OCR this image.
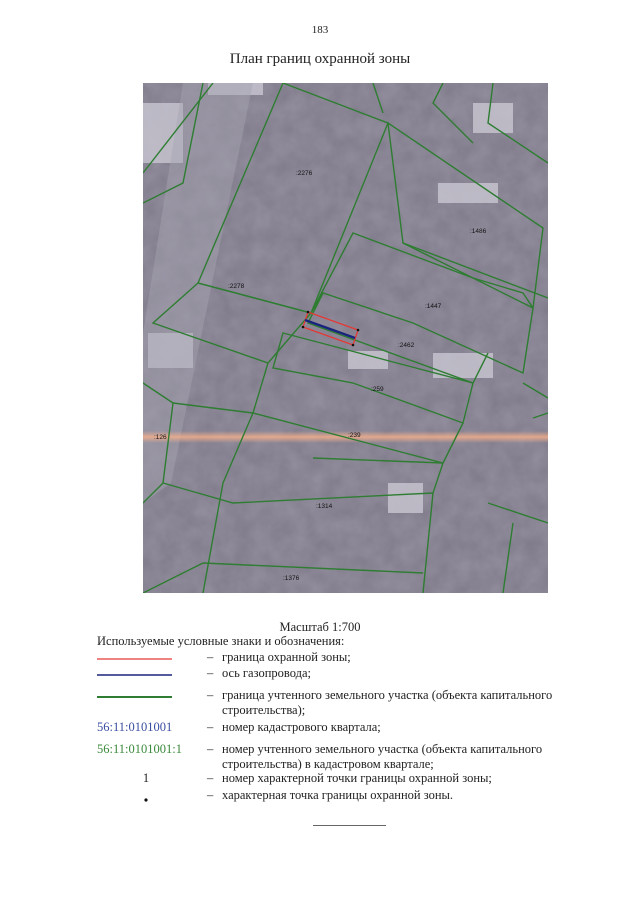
183
План границ охранной зоны
:2276
:1486
:2278
:1447
:2462
:259
:126	:239
:1314
:1376
Масштаб 1:700
Используемые условные знаки и обозначения:
– граница охранной зоны;
– ось газопровода;
– граница учтенного земельного участка (объекта капитального строительства);
56:11:0101001	– номер кадастрового квартала;
56:11:0101001:1	– номер учтенного земельного участка (объекта капитального строительства) в кадастровом квартале;
1	– номер характерной точки границы охранной зоны;
– характерная точка границы охранной зоны.
